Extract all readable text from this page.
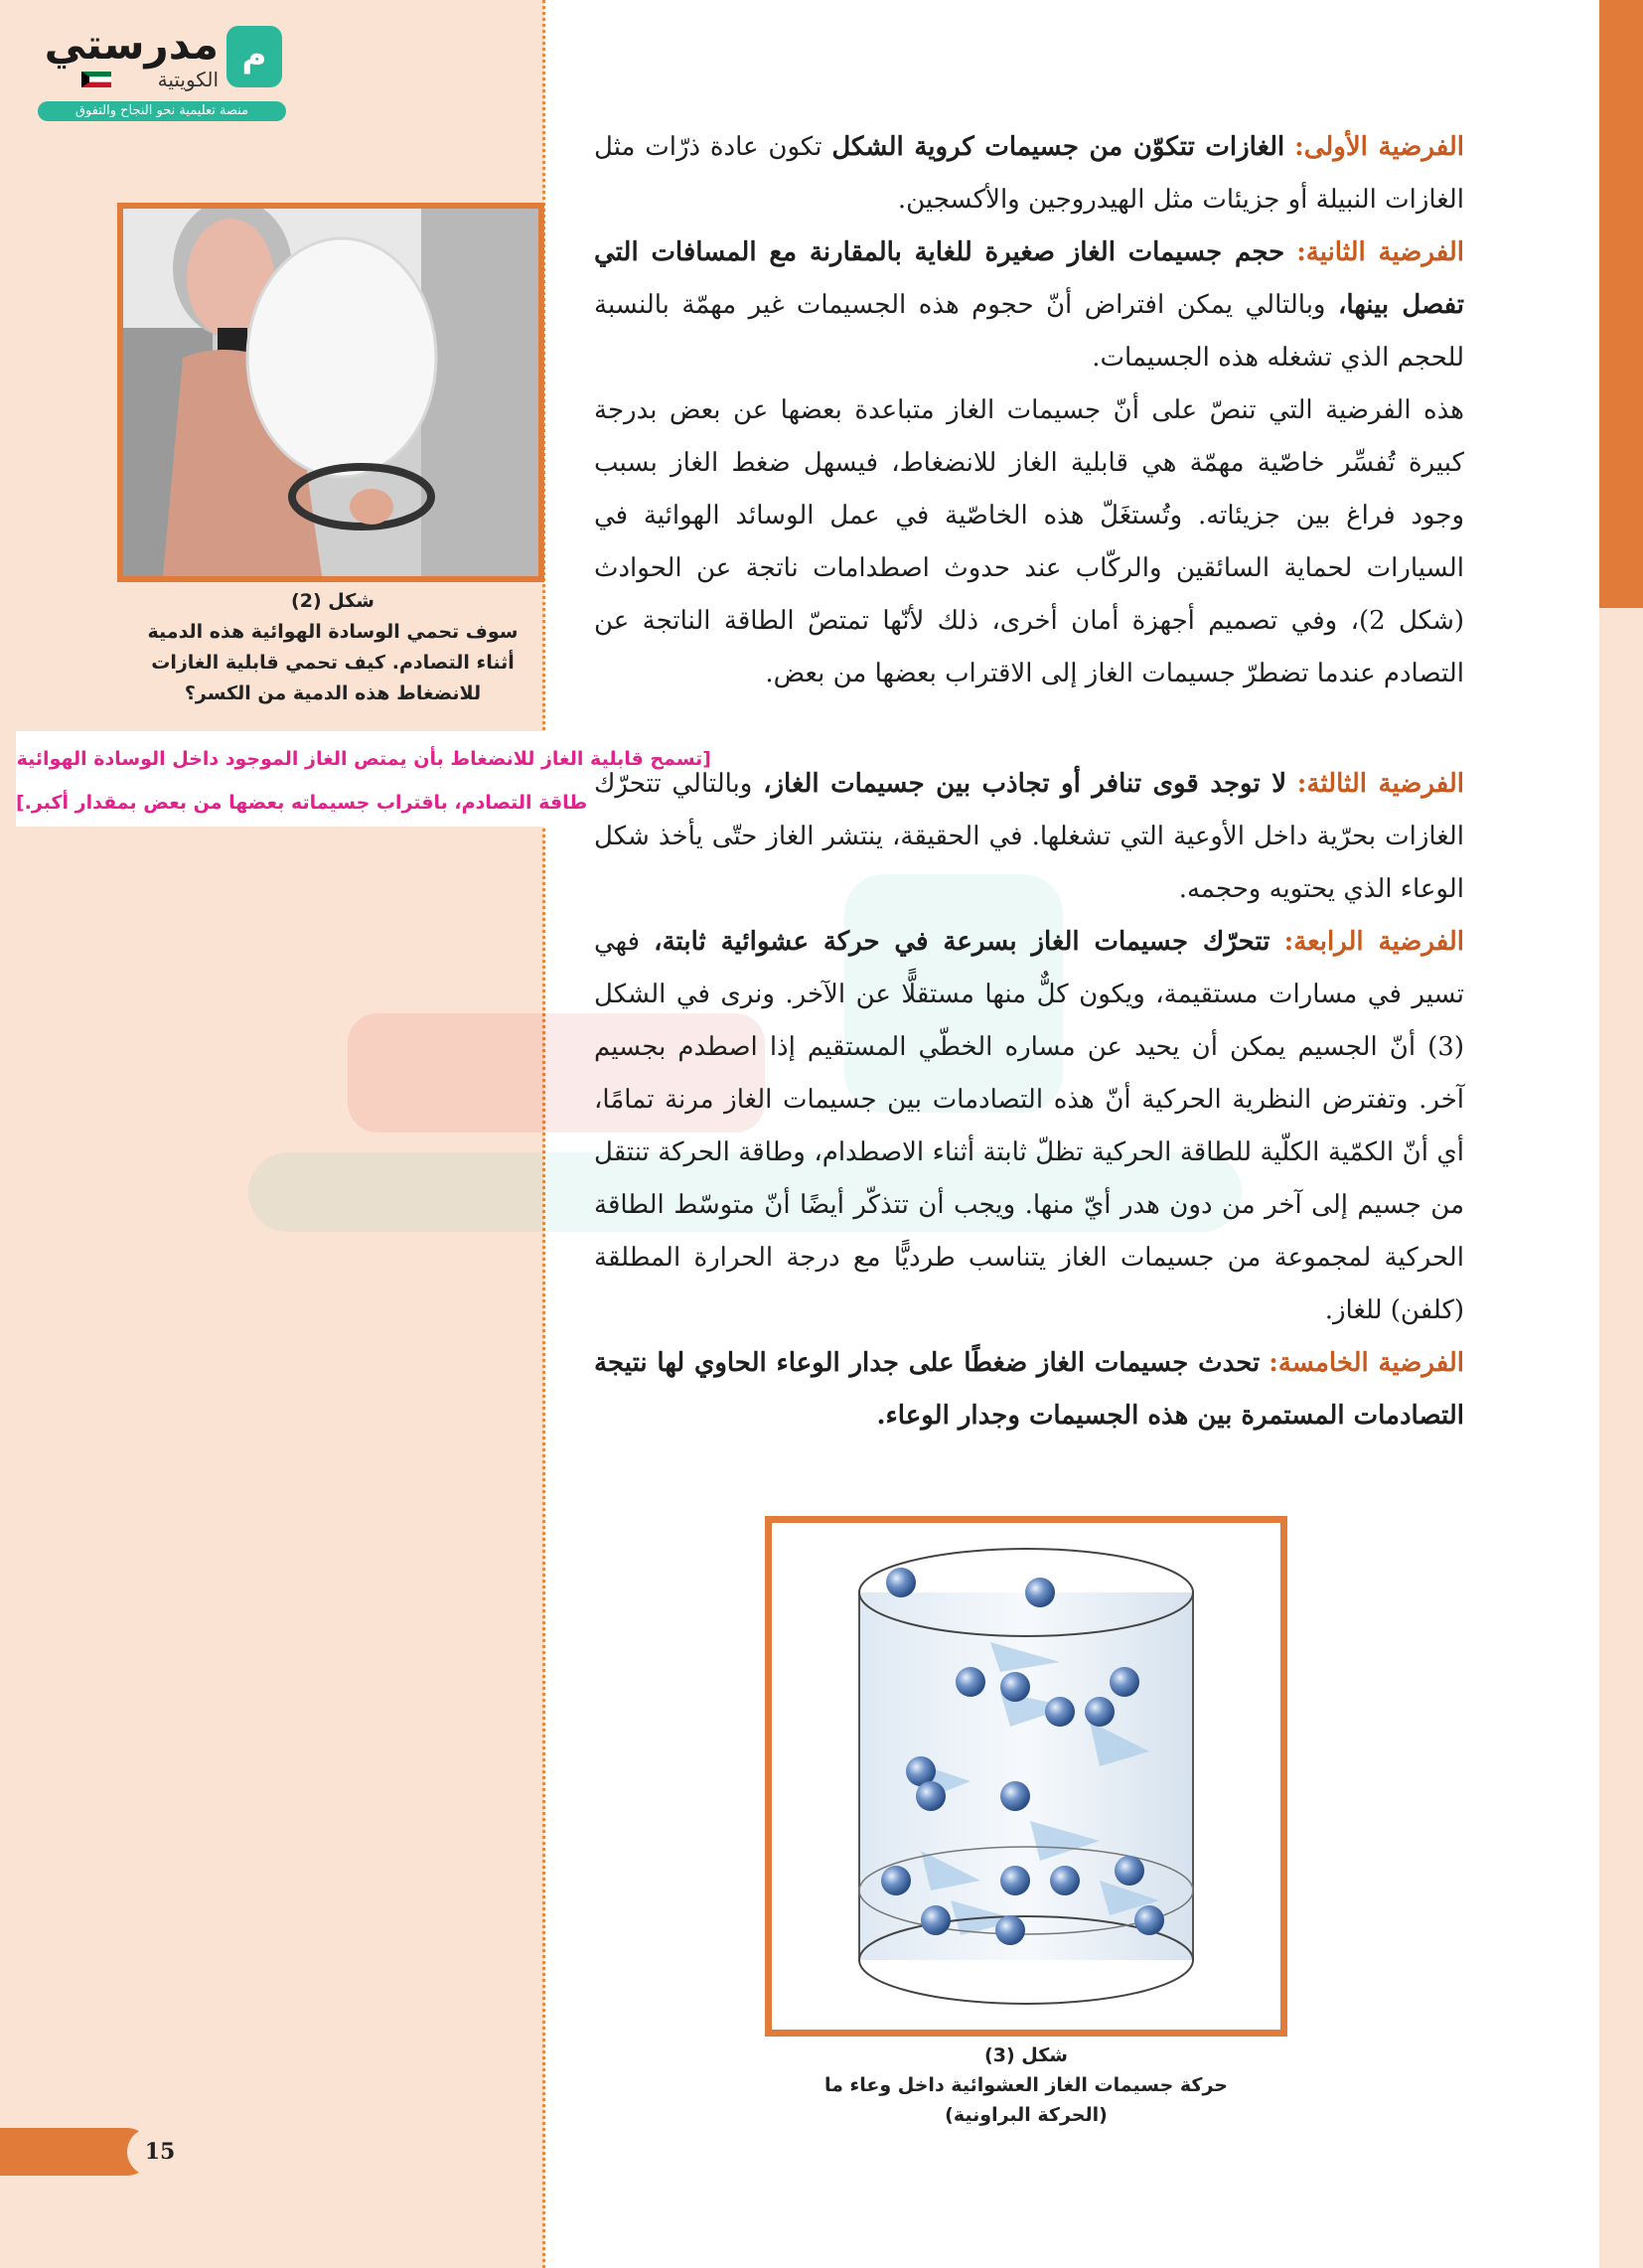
م
مدرستي
الكويتية
منصة تعليمية نحو النجاح والتفوق
شكل (2)
سوف تحمي الوسادة الهوائية هذه الدمية أثناء التصادم. كيف تحمي قابلية الغازات للانضغاط هذه الدمية من الكسر؟
[تسمح قابلية الغاز للانضغاط بأن يمتص الغاز الموجود داخل الوسادة الهوائية
طاقة التصادم، باقتراب جسيماته بعضها من بعض بمقدار أكبر.]

الفرضية الأولى: الغازات تتكوّن من جسيمات كروية الشكل تكون عادة ذرّات مثل الغازات النبيلة أو جزيئات مثل الهيدروجين والأكسجين.

الفرضية الثانية: حجم جسيمات الغاز صغيرة للغاية بالمقارنة مع المسافات التي تفصل بينها، وبالتالي يمكن افتراض أنّ حجوم هذه الجسيمات غير مهمّة بالنسبة للحجم الذي تشغله هذه الجسيمات.

هذه الفرضية التي تنصّ على أنّ جسيمات الغاز متباعدة بعضها عن بعض بدرجة كبيرة تُفسِّر خاصّية مهمّة هي قابلية الغاز للانضغاط، فيسهل ضغط الغاز بسبب وجود فراغ بين جزيئاته. وتُستغَلّ هذه الخاصّية في عمل الوسائد الهوائية في السيارات لحماية السائقين والركّاب عند حدوث اصطدامات ناتجة عن الحوادث (شكل 2)، وفي تصميم أجهزة أمان أخرى، ذلك لأنّها تمتصّ الطاقة الناتجة عن التصادم عندما تضطرّ جسيمات الغاز إلى الاقتراب بعضها من بعض.

الفرضية الثالثة: لا توجد قوى تنافر أو تجاذب بين جسيمات الغاز، وبالتالي تتحرّك الغازات بحرّية داخل الأوعية التي تشغلها. في الحقيقة، ينتشر الغاز حتّى يأخذ شكل الوعاء الذي يحتويه وحجمه.

الفرضية الرابعة: تتحرّك جسيمات الغاز بسرعة في حركة عشوائية ثابتة، فهي تسير في مسارات مستقيمة، ويكون كلٌّ منها مستقلًّا عن الآخر. ونرى في الشكل (3) أنّ الجسيم يمكن أن يحيد عن مساره الخطّي المستقيم إذا اصطدم بجسيم آخر. وتفترض النظرية الحركية أنّ هذه التصادمات بين جسيمات الغاز مرنة تمامًا، أي أنّ الكمّية الكلّية للطاقة الحركية تظلّ ثابتة أثناء الاصطدام، وطاقة الحركة تنتقل من جسيم إلى آخر من دون هدر أيّ منها. ويجب أن تتذكّر أيضًا أنّ متوسّط الطاقة الحركية لمجموعة من جسيمات الغاز يتناسب طرديًّا مع درجة الحرارة المطلقة (كلفن) للغاز.

الفرضية الخامسة: تحدث جسيمات الغاز ضغطًا على جدار الوعاء الحاوي لها نتيجة التصادمات المستمرة بين هذه الجسيمات وجدار الوعاء.

شكل (3)
حركة جسيمات الغاز العشوائية داخل وعاء ما
(الحركة البراونية)
15
